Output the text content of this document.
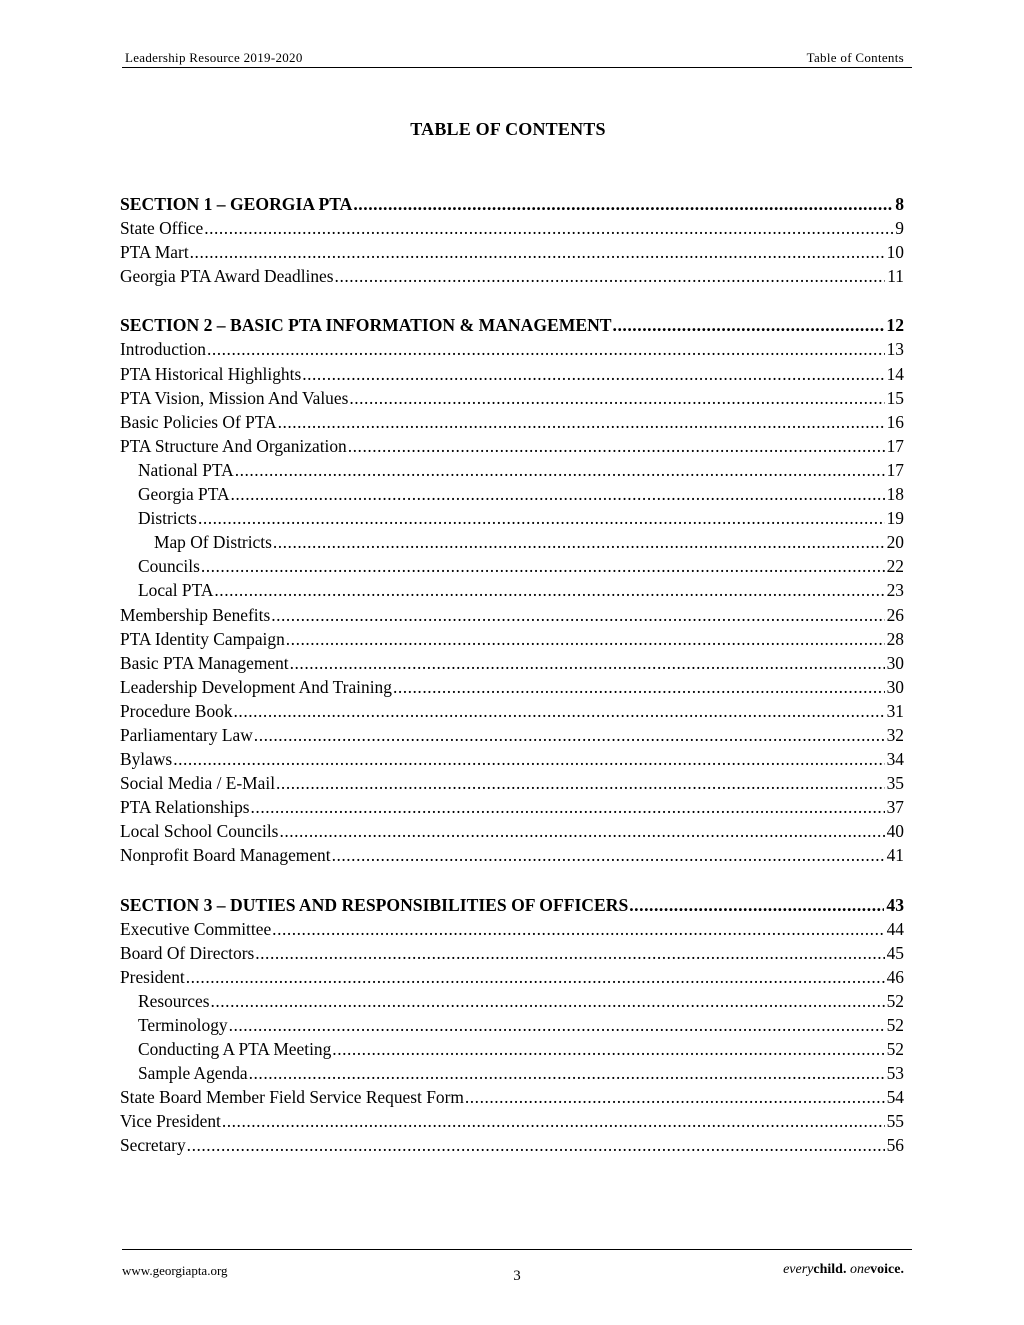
Leadership Resource 2019-2020	Table of Contents
TABLE OF CONTENTS
SECTION 1 – GEORGIA PTA .....	8
State Office .....	9
PTA Mart .....	10
Georgia PTA Award Deadlines .....	11
SECTION 2 – BASIC PTA INFORMATION & MANAGEMENT .....	12
Introduction .....	13
PTA Historical Highlights .....	14
PTA Vision, Mission And Values .....	15
Basic Policies Of PTA .....	16
PTA Structure And Organization .....	17
National PTA .....	17
Georgia PTA .....	18
Districts .....	19
Map Of Districts .....	20
Councils .....	22
Local PTA .....	23
Membership Benefits .....	26
PTA Identity Campaign .....	28
Basic PTA Management .....	30
Leadership Development And Training .....	30
Procedure Book .....	31
Parliamentary Law .....	32
Bylaws .....	34
Social Media / E-Mail .....	35
PTA Relationships .....	37
Local School Councils .....	40
Nonprofit Board Management .....	41
SECTION 3 – DUTIES AND RESPONSIBILITIES OF OFFICERS .....	43
Executive Committee .....	44
Board Of Directors .....	45
President .....	46
Resources .....	52
Terminology .....	52
Conducting A PTA Meeting .....	52
Sample Agenda .....	53
State Board Member Field Service Request Form .....	54
Vice President .....	55
Secretary .....	56
www.georgiapta.org	3	everychild. onevoice.
